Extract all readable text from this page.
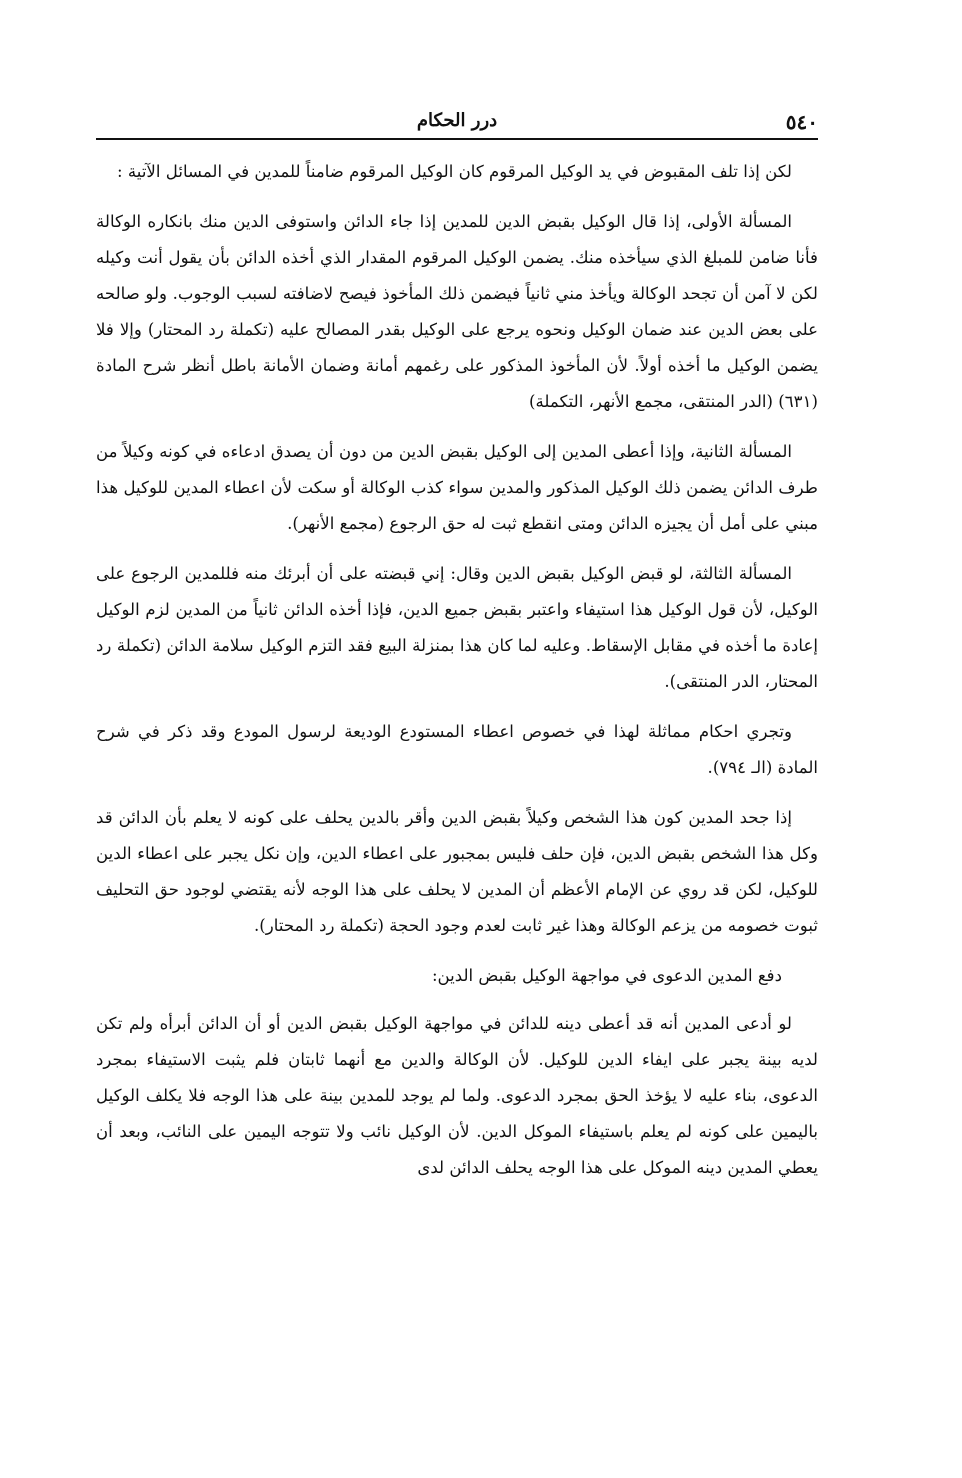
٥٤٠
درر الحكام

لكن إذا تلف المقبوض في يد الوكيل المرقوم كان الوكيل المرقوم ضامناً للمدين في المسائل الآتية :

المسألة الأولى، إذا قال الوكيل بقبض الدين للمدين إذا جاء الدائن واستوفى الدين منك بانكاره الوكالة فأنا ضامن للمبلغ الذي سيأخذه منك. يضمن الوكيل المرقوم المقدار الذي أخذه الدائن بأن يقول أنت وكيله لكن لا آمن أن تجحد الوكالة ويأخذ مني ثانياً فيضمن ذلك المأخوذ فيصح لاضافته لسبب الوجوب. ولو صالحه على بعض الدين عند ضمان الوكيل ونحوه يرجع على الوكيل بقدر المصالح عليه (تكملة رد المحتار) وإلا فلا يضمن الوكيل ما أخذه أولاً. لأن المأخوذ المذكور على رغمهم أمانة وضمان الأمانة باطل أنظر شرح المادة (٦٣١) (الدر المنتقى، مجمع الأنهر، التكملة)

المسألة الثانية، وإذا أعطى المدين إلى الوكيل بقبض الدين من دون أن يصدق ادعاءه في كونه وكيلاً من طرف الدائن يضمن ذلك الوكيل المذكور والمدين سواء كذب الوكالة أو سكت لأن اعطاء المدين للوكيل هذا مبني على أمل أن يجيزه الدائن ومتى انقطع ثبت له حق الرجوع (مجمع الأنهر).

المسألة الثالثة، لو قبض الوكيل بقبض الدين وقال: إني قبضته على أن أبرئك منه فللمدين الرجوع على الوكيل، لأن قول الوكيل هذا استيفاء واعتبر بقبض جميع الدين، فإذا أخذه الدائن ثانياً من المدين لزم الوكيل إعادة ما أخذه في مقابل الإسقاط. وعليه لما كان هذا بمنزلة البيع فقد التزم الوكيل سلامة الدائن (تكملة رد المحتار، الدر المنتقى).

وتجري احكام مماثلة لهذا في خصوص اعطاء المستودع الوديعة لرسول المودع وقد ذكر في شرح المادة (الـ ٧٩٤).

إذا جحد المدين كون هذا الشخص وكيلاً بقبض الدين وأقر بالدين يحلف على كونه لا يعلم بأن الدائن قد وكل هذا الشخص بقبض الدين، فإن حلف فليس بمجبور على اعطاء الدين، وإن نكل يجبر على اعطاء الدين للوكيل، لكن قد روي عن الإمام الأعظم أن المدين لا يحلف على هذا الوجه لأنه يقتضي لوجود حق التحليف ثبوت خصومه من يزعم الوكالة وهذا غير ثابت لعدم وجود الحجة (تكملة رد المحتار).

دفع المدين الدعوى في مواجهة الوكيل بقبض الدين:

لو أدعى المدين أنه قد أعطى دينه للدائن في مواجهة الوكيل بقبض الدين أو أن الدائن أبرأه ولم تكن لديه بينة يجبر على ايفاء الدين للوكيل. لأن الوكالة والدين مع أنهما ثابتان فلم يثبت الاستيفاء بمجرد الدعوى، بناء عليه لا يؤخذ الحق بمجرد الدعوى. ولما لم يوجد للمدين بينة على هذا الوجه فلا يكلف الوكيل باليمين على كونه لم يعلم باستيفاء الموكل الدين. لأن الوكيل نائب ولا تتوجه اليمين على النائب، وبعد أن يعطي المدين دينه الموكل على هذا الوجه يحلف الدائن لدى
